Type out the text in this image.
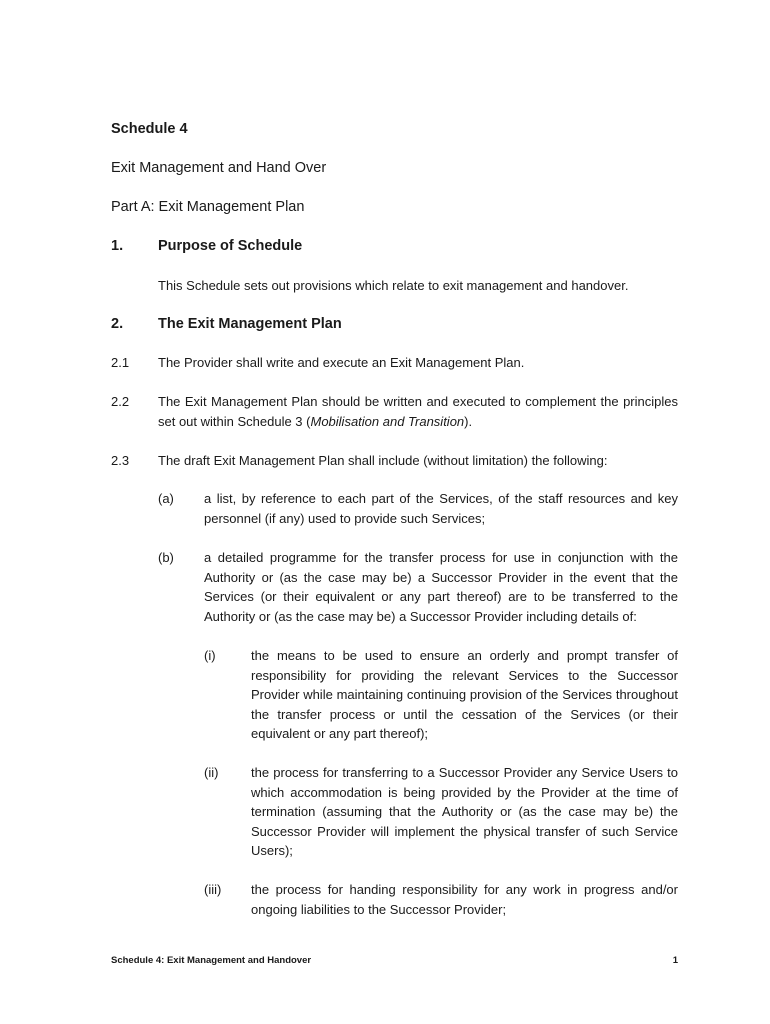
Schedule 4
Exit Management and Hand Over
Part A: Exit Management Plan
1. Purpose of Schedule
This Schedule sets out provisions which relate to exit management and handover.
2. The Exit Management Plan
2.1 The Provider shall write and execute an Exit Management Plan.
2.2 The Exit Management Plan should be written and executed to complement the principles set out within Schedule 3 (Mobilisation and Transition).
2.3 The draft Exit Management Plan shall include (without limitation) the following:
(a) a list, by reference to each part of the Services, of the staff resources and key personnel (if any) used to provide such Services;
(b) a detailed programme for the transfer process for use in conjunction with the Authority or (as the case may be) a Successor Provider in the event that the Services (or their equivalent or any part thereof) are to be transferred to the Authority or (as the case may be) a Successor Provider including details of:
(i)	the means to be used to ensure an orderly and prompt transfer of responsibility for providing the relevant Services to the Successor Provider while maintaining continuing provision of the Services throughout the transfer process or until the cessation of the Services (or their equivalent or any part thereof);
(ii)	the process for transferring to a Successor Provider any Service Users to which accommodation is being provided by the Provider at the time of termination (assuming that the Authority or (as the case may be) the Successor Provider will implement the physical transfer of such Service Users);
(iii) the process for handing responsibility for any work in progress and/or ongoing liabilities to the Successor Provider;
Schedule 4: Exit Management and Handover	1
